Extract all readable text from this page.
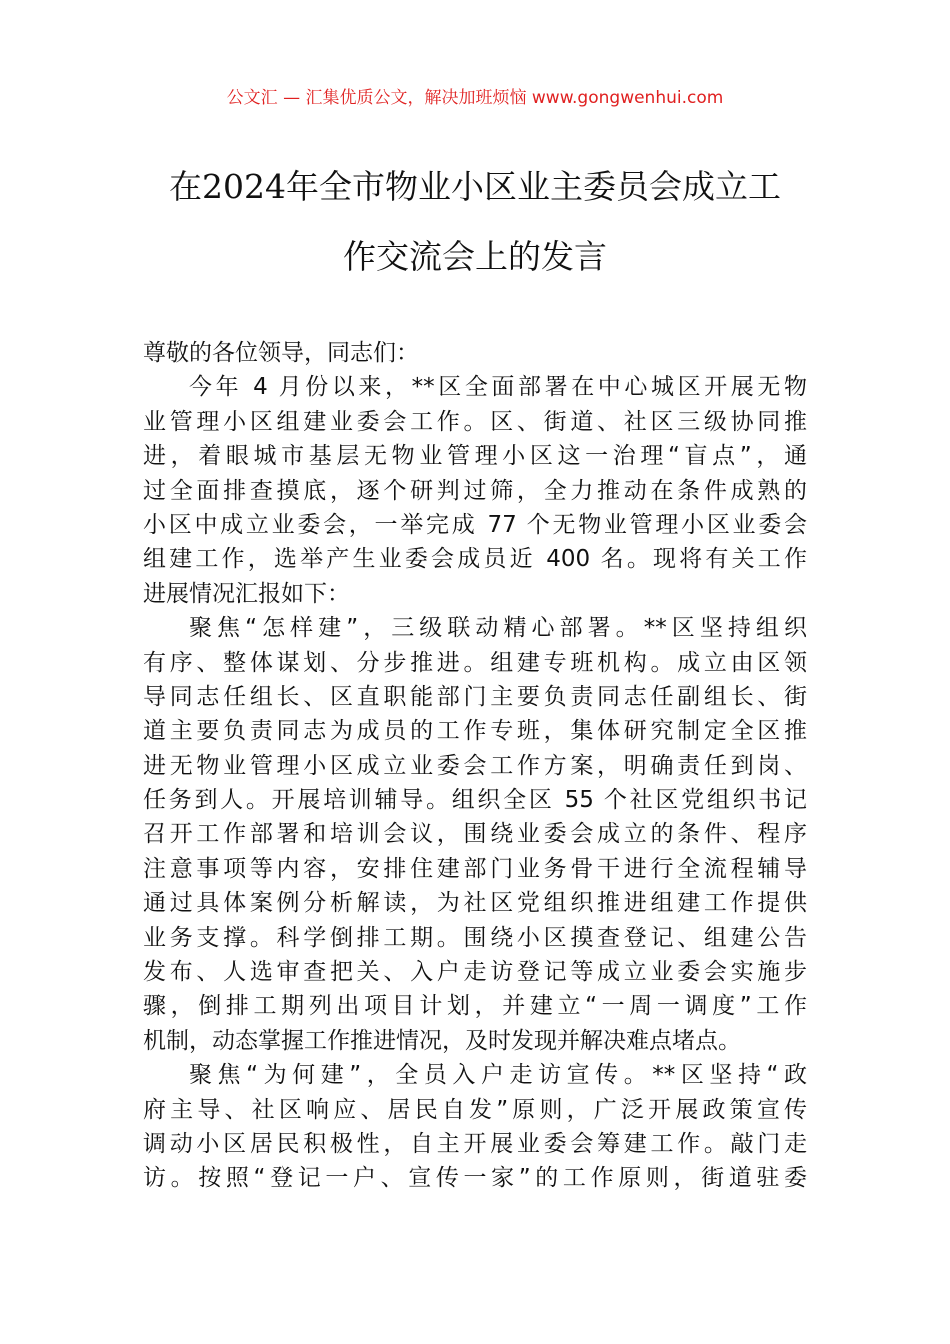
公文汇 — 汇集优质公文，解决加班烦恼 www.gongwenhui.com
在2024年全市物业小区业主委员会成立工
作交流会上的发言
尊敬的各位领导，同志们：
今年 4 月份以来，**区全面部署在中心城区开展无物
业管理小区组建业委会工作。区、街道、社区三级协同推
进，着眼城市基层无物业管理小区这一治理“盲点”，通
过全面排查摸底，逐个研判过筛，全力推动在条件成熟的
小区中成立业委会，一举完成 77 个无物业管理小区业委会
组建工作，选举产生业委会成员近 400 名。现将有关工作
进展情况汇报如下：
聚焦“怎样建”，三级联动精心部署。**区坚持组织
有序、整体谋划、分步推进。组建专班机构。成立由区领
导同志任组长、区直职能部门主要负责同志任副组长、街
道主要负责同志为成员的工作专班，集体研究制定全区推
进无物业管理小区成立业委会工作方案，明确责任到岗、
任务到人。开展培训辅导。组织全区 55 个社区党组织书记
召开工作部署和培训会议，围绕业委会成立的条件、程序
注意事项等内容，安排住建部门业务骨干进行全流程辅导
通过具体案例分析解读，为社区党组织推进组建工作提供
业务支撑。科学倒排工期。围绕小区摸查登记、组建公告
发布、人选审查把关、入户走访登记等成立业委会实施步
骤，倒排工期列出项目计划，并建立“一周一调度”工作
机制，动态掌握工作推进情况，及时发现并解决难点堵点。
聚焦“为何建”，全员入户走访宣传。**区坚持“政
府主导、社区响应、居民自发”原则，广泛开展政策宣传
调动小区居民积极性，自主开展业委会筹建工作。敲门走
访。按照“登记一户、宣传一家”的工作原则，街道驻委
